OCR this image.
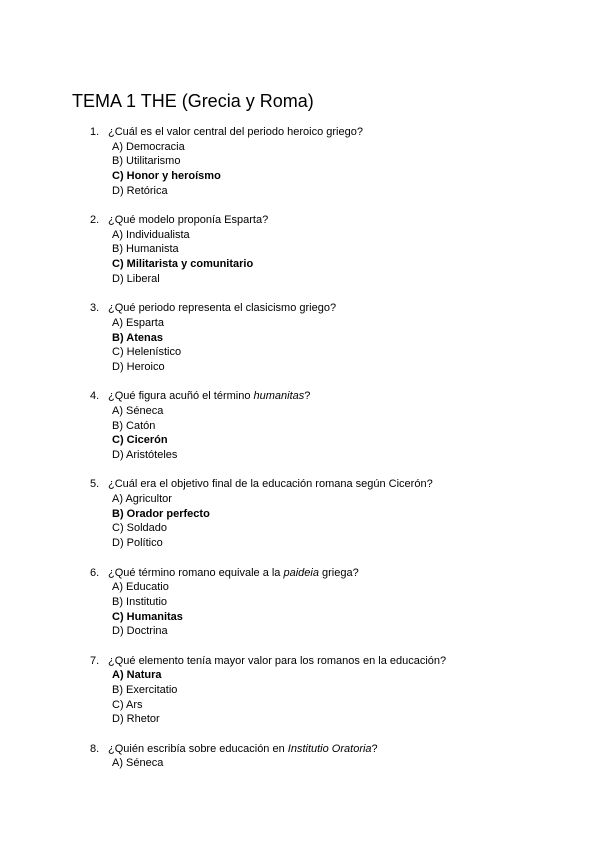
TEMA 1 THE (Grecia y Roma)
1. ¿Cuál es el valor central del periodo heroico griego?
A) Democracia
B) Utilitarismo
C) Honor y heroísmo
D) Retórica
2. ¿Qué modelo proponía Esparta?
A) Individualista
B) Humanista
C) Militarista y comunitario
D) Liberal
3. ¿Qué periodo representa el clasicismo griego?
A) Esparta
B) Atenas
C) Helenístico
D) Heroico
4. ¿Qué figura acuñó el término humanitas?
A) Séneca
B) Catón
C) Cicerón
D) Aristóteles
5. ¿Cuál era el objetivo final de la educación romana según Cicerón?
A) Agricultor
B) Orador perfecto
C) Soldado
D) Político
6. ¿Qué término romano equivale a la paideia griega?
A) Educatio
B) Institutio
C) Humanitas
D) Doctrina
7. ¿Qué elemento tenía mayor valor para los romanos en la educación?
A) Natura
B) Exercitatio
C) Ars
D) Rhetor
8. ¿Quién escribía sobre educación en Institutio Oratoria?
A) Séneca
